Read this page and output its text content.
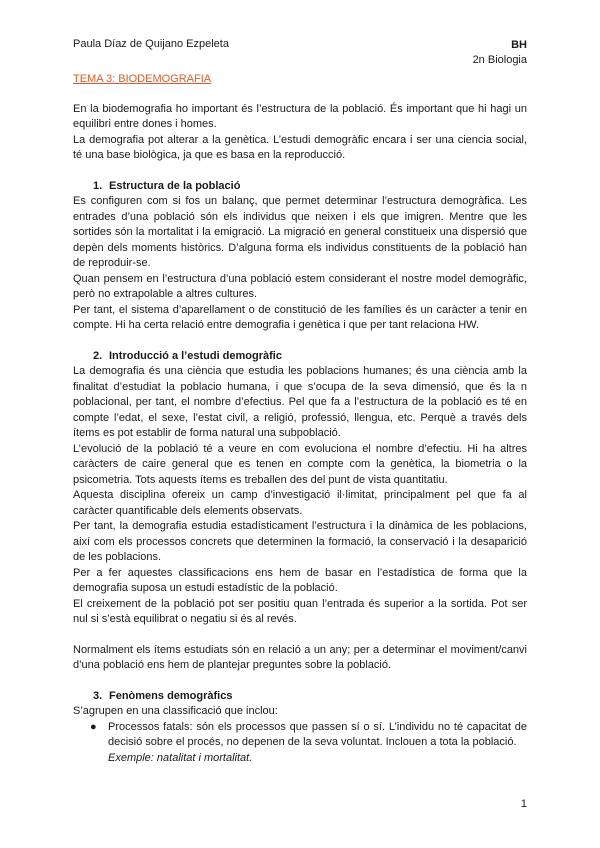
Paula Díaz de Quijano Ezpeleta	BH
2n Biologia
TEMA 3: BIODEMOGRAFIA

En la biodemografia ho important és l’estructura de la població. És important que hi hagi un equilibri entre dones i homes.

La demografia pot alterar a la genètica. L’estudi demogràfic encara i ser una ciencia social, té una base biològica, ja que es basa en la reproducció.

1. Estructura de la població

Es configuren com si fos un balanç, que permet determinar l’estructura demogràfica. Les entrades d’una població són els individus que neixen i els que imigren. Mentre que les sortides són la mortalitat i la emigració. La migració en general constitueix una dispersió que depèn dels moments històrics. D’alguna forma els individus constituents de la població han de reproduir-se.

Quan pensem en l’estructura d’una població estem considerant el nostre model demogràfic, però no extrapolable a altres cultures.

Per tant, el sistema d’aparellament o de constitució de les famílies és un caràcter a tenir en compte. Hi ha certa relació entre demografia i genètica i que per tant relaciona HW.

2. Introducció a l’estudi demogràfic

La demografia és una ciència que estudia les poblacions humanes; és una ciència amb la finalitat d’estudiat la poblacio humana, i que s’ocupa de la seva dimensió, que és la n poblacional, per tant, el nombre d’efectius. Pel que fa a l’estructura de la població es té en compte l’edat, el sexe, l’estat civil, a religió, professió, llengua, etc. Perquè a través dels ítems es pot establir de forma natural una subpoblació.

L’evolució de la població té a veure en com evoluciona el nombre d’efectiu. Hi ha altres caràcters de caire general que es tenen en compte com la genètica, la biometria o la psicometria. Tots aquests ítems es treballen des del punt de vista quantitatiu.

Aquesta disciplina ofereix un camp d’investigació il·limitat, principalment pel que fa al caràcter quantificable dels elements observats.

Per tant, la demografia estudia estadísticament l’estructura i la dinàmica de les poblacions, així com els processos concrets que determinen la formació, la conservació i la desaparició de les poblacions.

Per a fer aquestes classificacions ens hem de basar en l’estadística de forma que la demografia suposa un estudi estadístic de la població.

El creixement de la població pot ser positiu quan l’entrada és superior a la sortida. Pot ser nul si s’està equilibrat o negatiu si és al revés.

Normalment els ítems estudiats són en relació a un any; per a determinar el moviment/canvi d’una població ens hem de plantejar preguntes sobre la població.

3. Fenòmens demogràfics

S’agrupen en una classificació que inclou:

● Processos fatals: són els processos que passen sí o sí. L’individu no té capacitat de decisió sobre el procés, no depenen de la seva voluntat. Inclouen a tota la població.
Exemple: natalitat i mortalitat.
1
